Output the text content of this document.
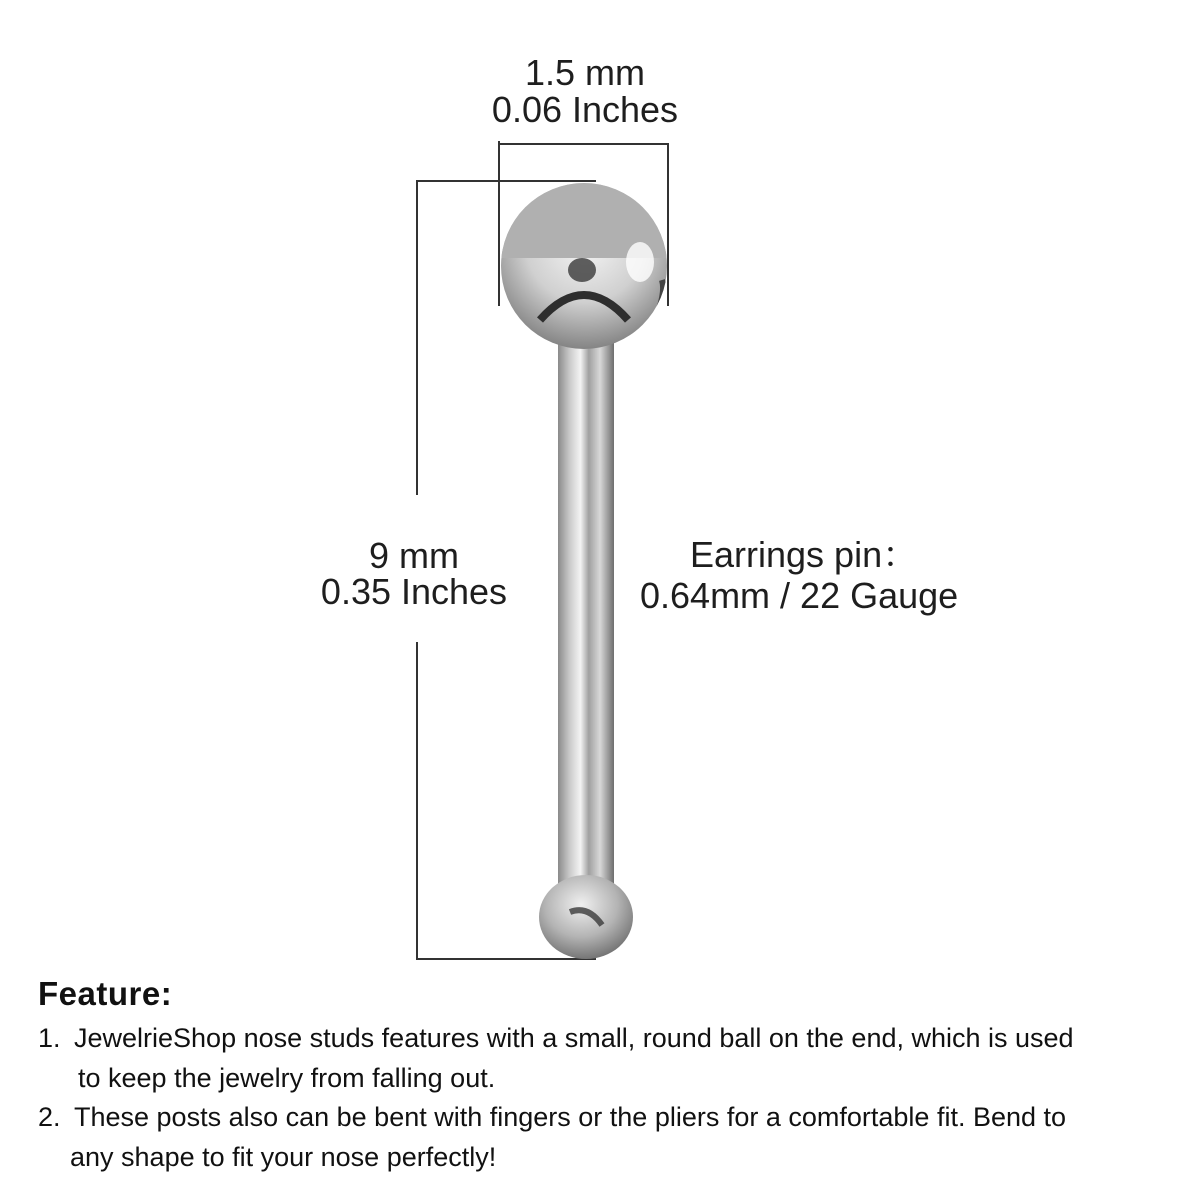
1.5 mm
0.06 Inches
9 mm
0.35 Inches
Earrings pin：
0.64mm / 22 Gauge
Feature:
1. JewelrieShop nose studs features with a small, round ball on the end, which is used
to keep the jewelry from falling out.
2. These posts also can be bent with fingers or the pliers for a comfortable fit. Bend to
any shape to fit your nose perfectly!
